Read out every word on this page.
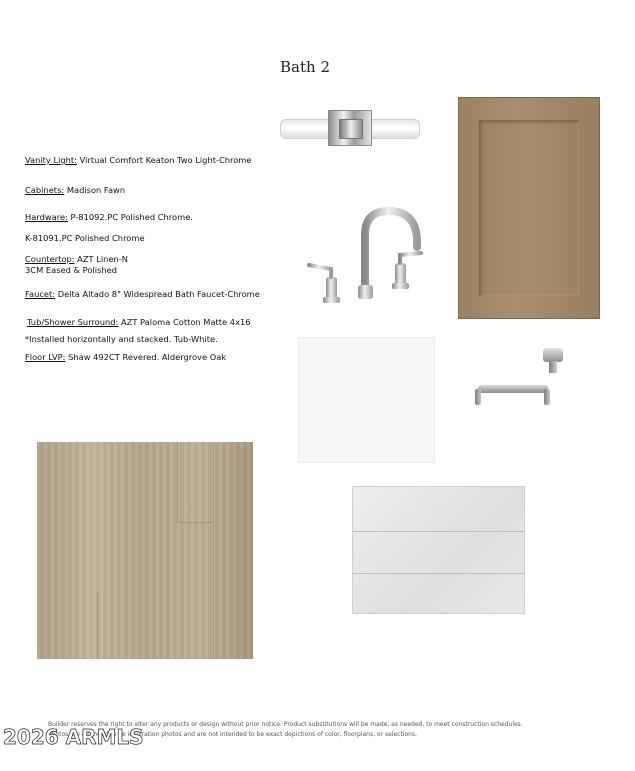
Bath 2
Vanity Light: Virtual Comfort Keaton Two Light-Chrome
Cabinets: Madison Fawn
Hardware: P-81092.PC Polished Chrome.
K-81091.PC Polished Chrome
Countertop: AZT Linen-N
3CM Eased & Polished
Faucet: Delta Altado 8" Widespread Bath Faucet-Chrome
Tub/Shower Surround: AZT Paloma Cotton Matte 4x16
*Installed horizontally and stacked. Tub-White.
Floor LVP: Shaw 492CT Revered. Aldergrove Oak
Builder reserves the right to alter any products or design without prior notice. Product substitutions will be made, as needed, to meet construction schedules.
Photos are intended to be inspiration photos and are not intended to be exact depictions of color, floorplans, or selections.
2026 ARMLS
